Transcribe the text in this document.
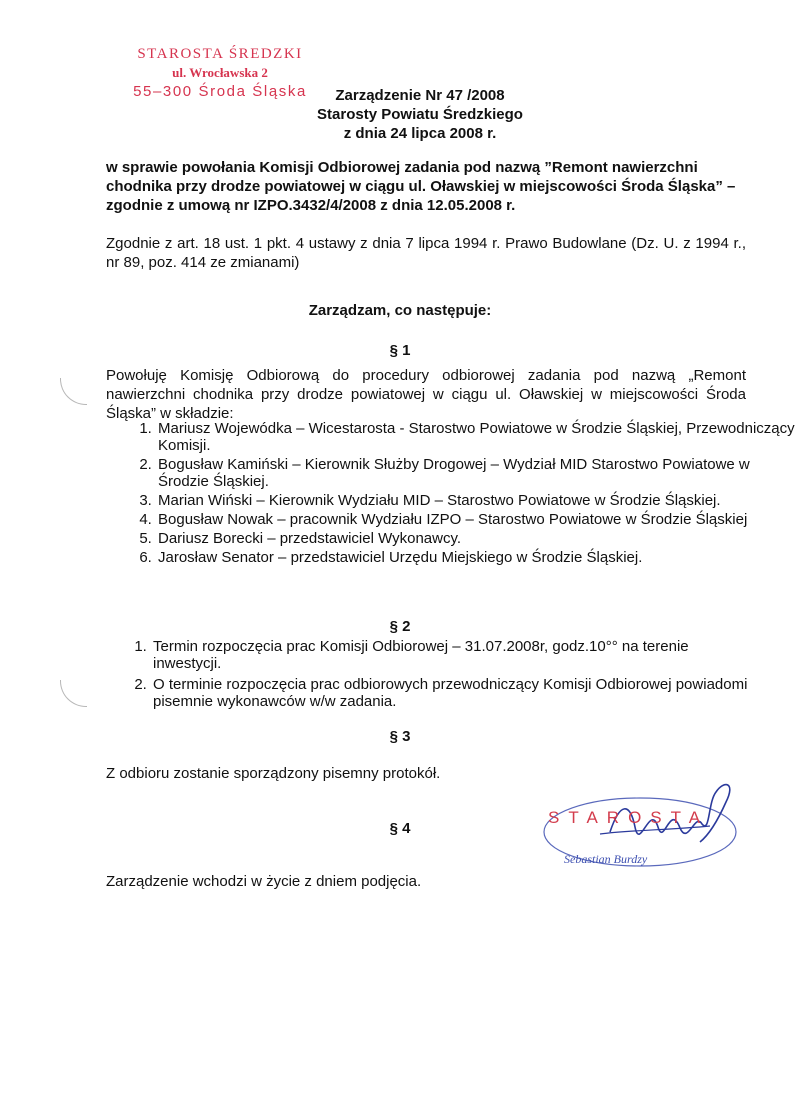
STAROSTA ŚREDZKI
ul. Wrocławska 2
55–300 Środa Śląska	Zarządzenie Nr 47 /2008
Starosty Powiatu Średzkiego
z dnia 24 lipca 2008 r.
w sprawie powołania Komisji Odbiorowej zadania pod nazwą ”Remont nawierzchni chodnika przy drodze powiatowej w ciągu ul. Oławskiej w miejscowości Środa Śląska” – zgodnie z umową nr IZPO.3432/4/2008 z dnia 12.05.2008 r.
Zgodnie z art. 18 ust. 1 pkt. 4 ustawy z dnia 7 lipca 1994 r. Prawo Budowlane (Dz. U. z 1994 r., nr 89, poz. 414 ze zmianami)
Zarządzam, co następuje:
§ 1
Powołuję Komisję Odbiorową do procedury odbiorowej zadania pod nazwą „Remont nawierzchni chodnika przy drodze powiatowej w ciągu ul. Oławskiej w miejscowości Środa Śląska” w składzie:
1. Mariusz Wojewódka – Wicestarosta - Starostwo Powiatowe w Środzie Śląskiej, Przewodniczący Komisji.
2. Bogusław Kamiński – Kierownik Służby Drogowej – Wydział MID Starostwo Powiatowe w Środzie Śląskiej.
3. Marian Wiński – Kierownik Wydziału MID – Starostwo Powiatowe w Środzie Śląskiej.
4. Bogusław Nowak – pracownik Wydziału IZPO – Starostwo Powiatowe w Środzie Śląskiej
5. Dariusz Borecki – przedstawiciel Wykonawcy.
6. Jarosław Senator – przedstawiciel Urzędu Miejskiego w Środzie Śląskiej.
§ 2
1. Termin rozpoczęcia prac Komisji Odbiorowej – 31.07.2008r, godz.10°° na terenie inwestycji.
2. O terminie rozpoczęcia prac odbiorowych przewodniczący Komisji Odbiorowej powiadomi pisemnie wykonawców w/w zadania.
§ 3
Z odbioru zostanie sporządzony pisemny protokół.
§ 4
Zarządzenie wchodzi w życie z dniem podjęcia.
STAROSTA
Sebastian Burdzy
